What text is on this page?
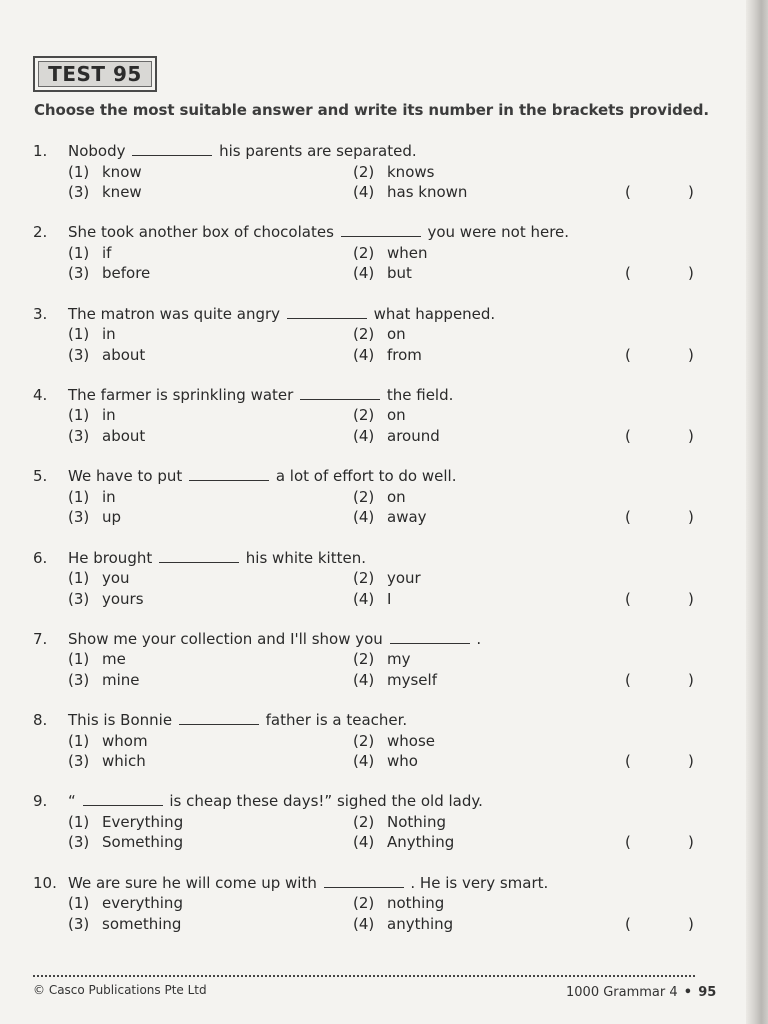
TEST 95
Choose the most suitable answer and write its number in the brackets provided.
1. Nobody	his parents are separated.
(1) know	(2) knows
(3) knew	(4) has known	(	)
2. She took another box of chocolates	you were not here.
(1) if	(2) when
(3) before	(4) but	(	)
3. The matron was quite angry	what happened.
(1) in	(2) on
(3) about	(4) from	(	)
4. The farmer is sprinkling water	the field.
(1) in	(2) on
(3) about	(4) around	(	)
5. We have to put	a lot of effort to do well.
(1) in	(2) on
(3) up	(4) away	(	)
6. He brought	his white kitten.
(1) you	(2) your
(3) yours	(4) I	(	)
7. Show me your collection and I'll show you	.
(1) me	(2) my
(3) mine	(4) myself	(	)
8. This is Bonnie	father is a teacher.
(1) whom	(2) whose
(3) which	(4) who	(	)
9. “	is cheap these days!” sighed the old lady.
(1) Everything	(2) Nothing
(3) Something	(4) Anything	(	)
10. We are sure he will come up with	. He is very smart.
(1) everything	(2) nothing
(3) something	(4) anything	(	)
© Casco Publications Pte Ltd	1000 Grammar 4 • 95
